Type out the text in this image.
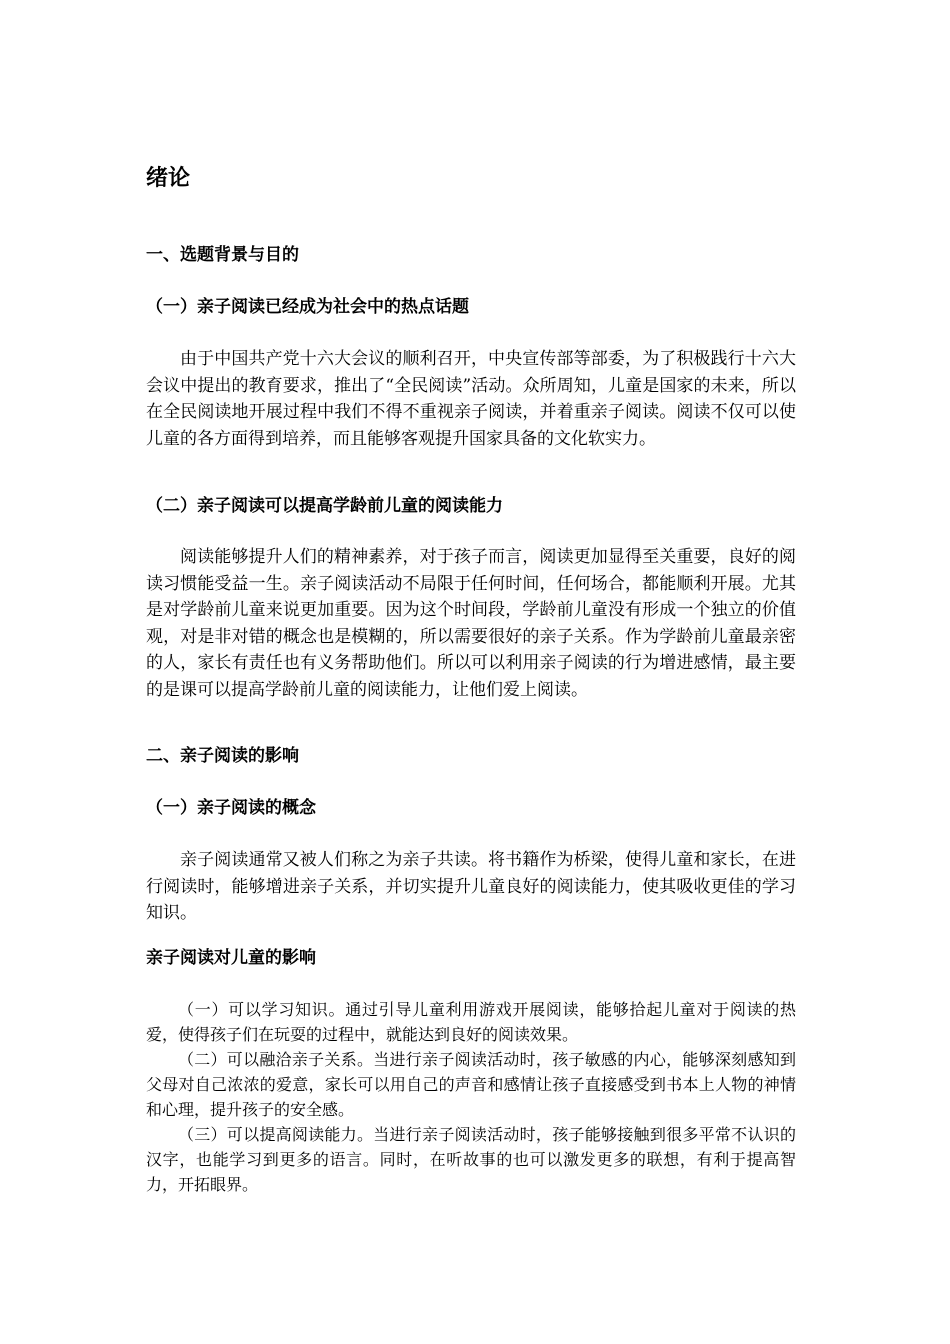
绪论
一、选题背景与目的
（一）亲子阅读已经成为社会中的热点话题

由于中国共产党十六大会议的顺利召开，中央宣传部等部委，为了积极践行十六大会议中提出的教育要求，推出了“全民阅读”活动。众所周知，儿童是国家的未来，所以在全民阅读地开展过程中我们不得不重视亲子阅读，并着重亲子阅读。阅读不仅可以使儿童的各方面得到培养，而且能够客观提升国家具备的文化软实力。

（二）亲子阅读可以提高学龄前儿童的阅读能力

阅读能够提升人们的精神素养，对于孩子而言，阅读更加显得至关重要，良好的阅读习惯能受益一生。亲子阅读活动不局限于任何时间，任何场合，都能顺利开展。尤其是对学龄前儿童来说更加重要。因为这个时间段，学龄前儿童没有形成一个独立的价值观，对是非对错的概念也是模糊的，所以需要很好的亲子关系。作为学龄前儿童最亲密的人，家长有责任也有义务帮助他们。所以可以利用亲子阅读的行为增进感情，最主要的是课可以提高学龄前儿童的阅读能力，让他们爱上阅读。

二、亲子阅读的影响
（一）亲子阅读的概念

亲子阅读通常又被人们称之为亲子共读。将书籍作为桥梁，使得儿童和家长，在进行阅读时，能够增进亲子关系，并切实提升儿童良好的阅读能力，使其吸收更佳的学习知识。

亲子阅读对儿童的影响

（一）可以学习知识。通过引导儿童利用游戏开展阅读，能够拾起儿童对于阅读的热爱，使得孩子们在玩耍的过程中，就能达到良好的阅读效果。

（二）可以融洽亲子关系。当进行亲子阅读活动时，孩子敏感的内心，能够深刻感知到父母对自己浓浓的爱意，家长可以用自己的声音和感情让孩子直接感受到书本上人物的神情和心理，提升孩子的安全感。

（三）可以提高阅读能力。当进行亲子阅读活动时，孩子能够接触到很多平常不认识的汉字，也能学习到更多的语言。同时，在听故事的也可以激发更多的联想，有利于提高智力，开拓眼界。
